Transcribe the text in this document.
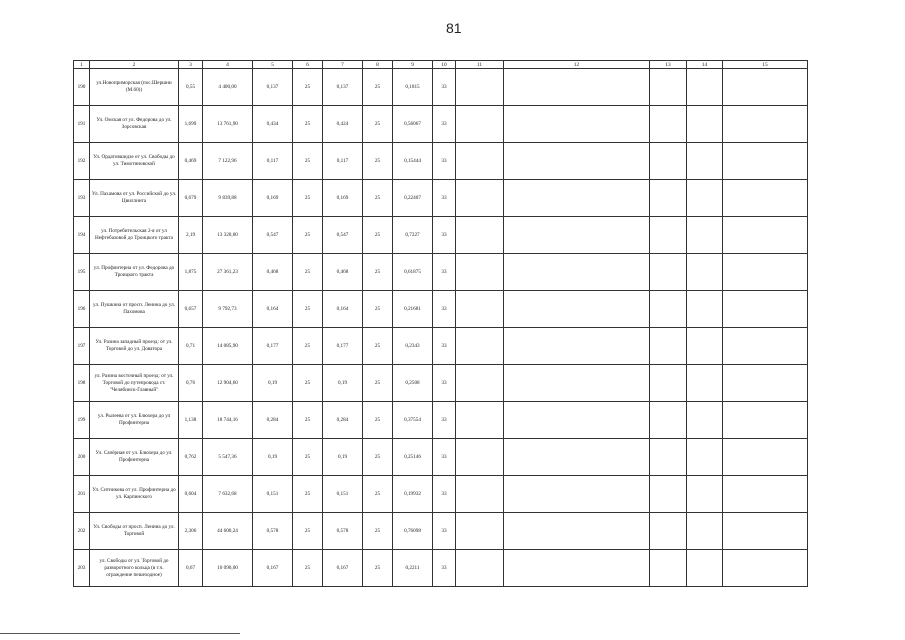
81
1	2	3	4	5	6	7	8	9	10	11	12	13	14	15
190	ул.Новоприморская (пос.Шершни (М.60))	0,55	4 400,00	0,137	25	0,137	25	0,1815	33					
191	Ул. Омская от ул. Федорова до ул. Зорсовская	1,699	13 761,90	0,434	25	0,424	25	0,56067	33					
192	Ул. Ордатовшидзе от ул. Свободы до ул. Тимотиновской	0,469	7 122,96	0,117	25	0,117	25	0,15444	33					
193	Ул. Пахамова от ул. Российской до ул. Цвиллинга	0,679	9 839,88	0,169	25	0,169	25	0,22407	33					
194	ул. Потребительская 2-я от ул Нефтебазовой до Троицкого тракта	2,19	13 320,00	0,547	25	0,547	25	0,7227	33					
195	ул. Профинтерна от ул. Федорова до Троицкого тракта	1,875	27 361,23	0,468	25	0,468	25	0,61875	33					
196	ул. Пушкина от просп. Ленина до ул. Пахомова	0,657	9 792,73	0,164	25	0,164	25	0,21681	33					
197	Ул. Разина западный проезд: от ул. Торговой до ул. Доватора	0,71	14 085,90	0,177	25	0,177	25	0,2343	33					
198	ул. Разина восточный проезд: от ул. Торговой до путепровода ст. "Челябинск-Главный"	0,76	12 904,60	0,19	25	0,19	25	0,2508	33					
199	ул. Рылеева от ул. Блюхера до ул Профинтерна	1,138	18 744,16	0,284	25	0,284	25	0,37554	33					
200	Ул. Сапёрная от ул. Блюхера до ул. Профинтерна	0,762	5 547,36	0,19	25	0,19	25	0,25146	33					
201	Ул. Ситникова от ул. Профинтерна до ул. Карпинского	0,604	7 632,68	0,151	25	0,151	25	0,19932	33					
202	Ул. Свободы от просп. Ленина до ул. Торговой	2,306	44 600,24	0,578	25	0,578	25	0,76098	33					
203	ул. Свободы от ул. Торговой до разворотного кольца (в т.ч. ограждение пешеходное)	0,67	10 090,00	0,167	25	0,167	25	0,2211	33					
